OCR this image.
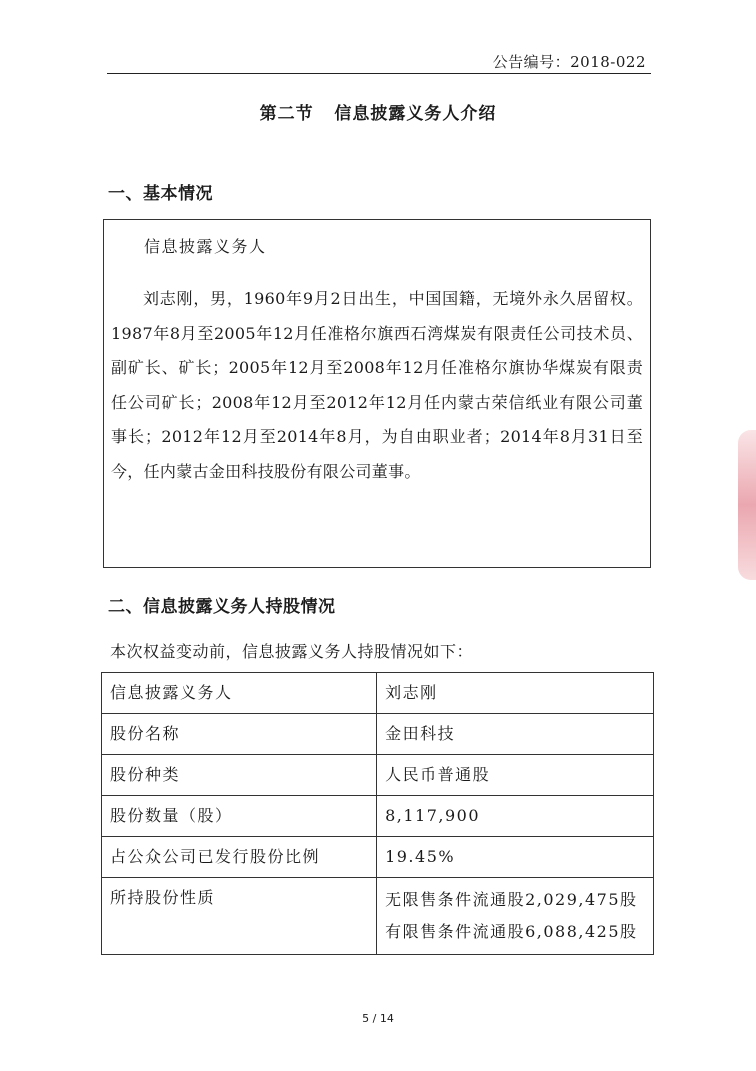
公告编号：2018-022
第二节   信息披露义务人介绍
一、基本情况
信息披露义务人
刘志刚，男，1960年9月2日出生，中国国籍，无境外永久居留权。1987年8月至2005年12月任准格尔旗西石湾煤炭有限责任公司技术员、副矿长、矿长；2005年12月至2008年12月任准格尔旗协华煤炭有限责任公司矿长；2008年12月至2012年12月任内蒙古荣信纸业有限公司董事长；2012年12月至2014年8月，为自由职业者；2014年8月31日至今，任内蒙古金田科技股份有限公司董事。
二、信息披露义务人持股情况
本次权益变动前，信息披露义务人持股情况如下：
信息披露义务人	刘志刚
股份名称	金田科技
股份种类	人民币普通股
股份数量（股）	8,117,900
占公众公司已发行股份比例	19.45%
所持股份性质	无限售条件流通股2,029,475股
有限售条件流通股6,088,425股
5 / 14
